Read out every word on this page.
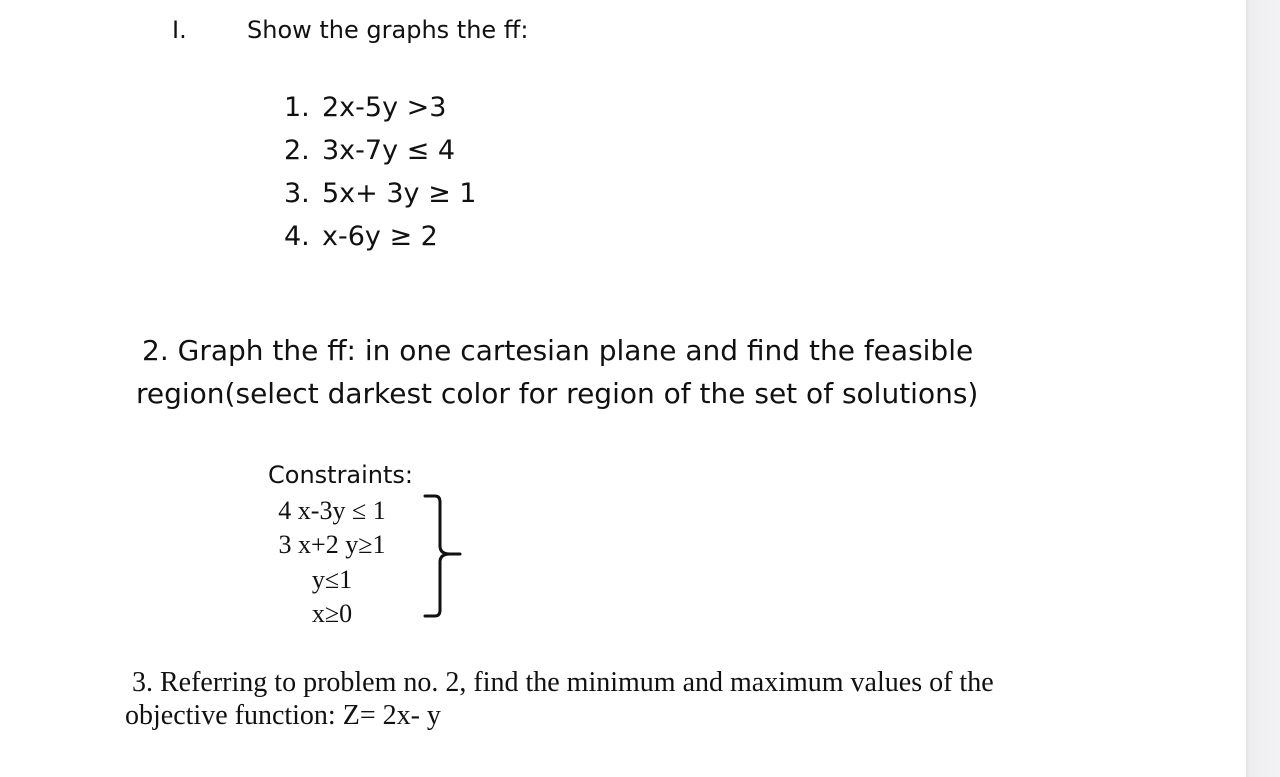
I.	Show the graphs the ff:
1. 2x-5y >3
2. 3x-7y ≤ 4
3. 5x+ 3y ≥ 1
4. x-6y ≥ 2
2. Graph the ff: in one cartesian plane and find the feasible
region(select darkest color for region of the set of solutions)
Constraints:
4 x-3y ≤ 1
3 x+2 y≥1
y≤1
x≥0
3. Referring to problem no. 2, find the minimum and maximum values of the
objective function: Z= 2x- y
